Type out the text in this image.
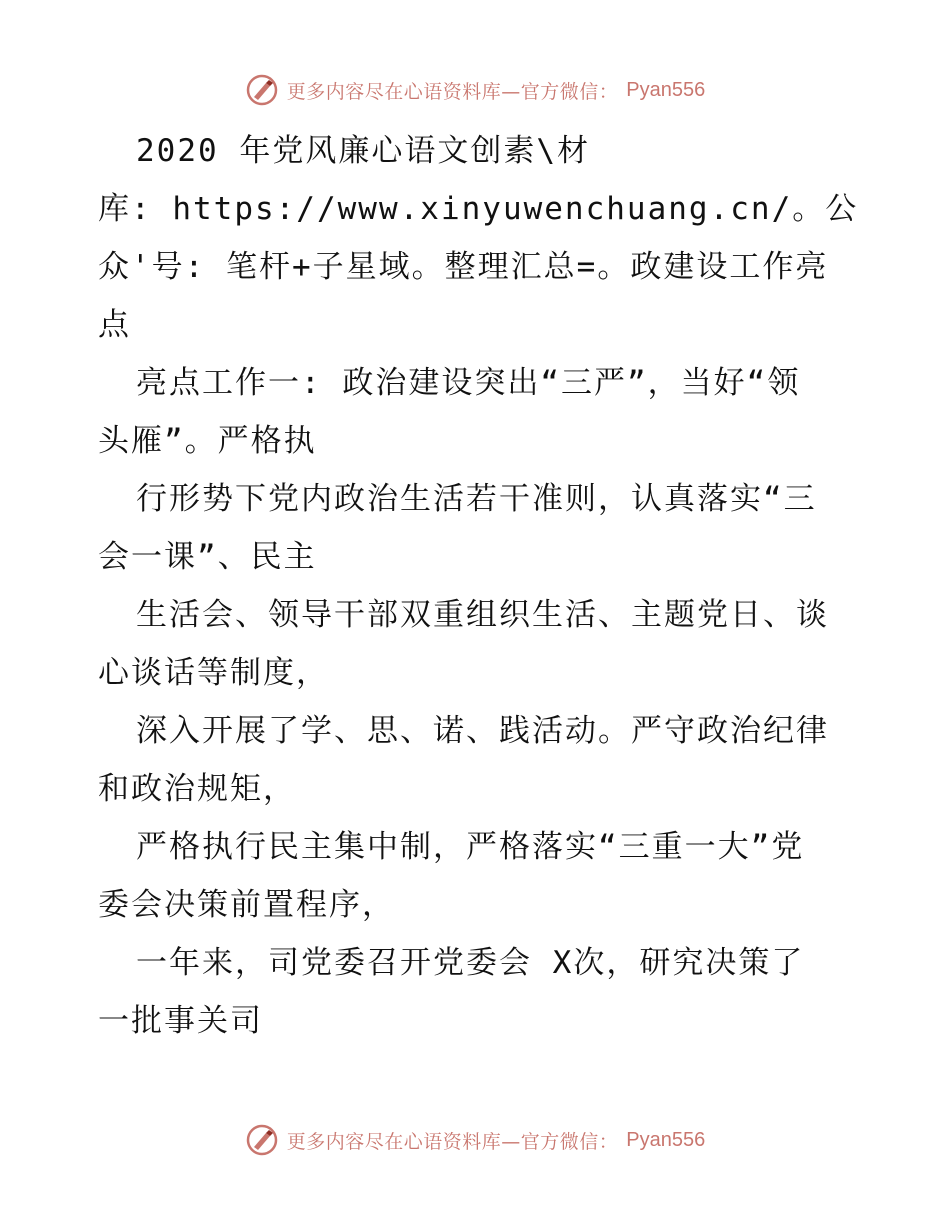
更多内容尽在心语资料库—官方微信： Pyan556
2020 年党风廉心语文创素\材
库: https://www.xinyuwenchuang.cn/。公
众'号: 笔杆+子星域。整理汇总=。政建设工作亮
点
亮点工作一: 政治建设突出“三严”，当好“领
头雁”。严格执
行形势下党内政治生活若干准则，认真落实“三
会一课”、民主
生活会、领导干部双重组织生活、主题党日、谈
心谈话等制度，
深入开展了学、思、诺、践活动。严守政治纪律
和政治规矩，
严格执行民主集中制，严格落实“三重一大”党
委会决策前置程序，
一年来，司党委召开党委会 X次，研究决策了
一批事关司
更多内容尽在心语资料库—官方微信： Pyan556
